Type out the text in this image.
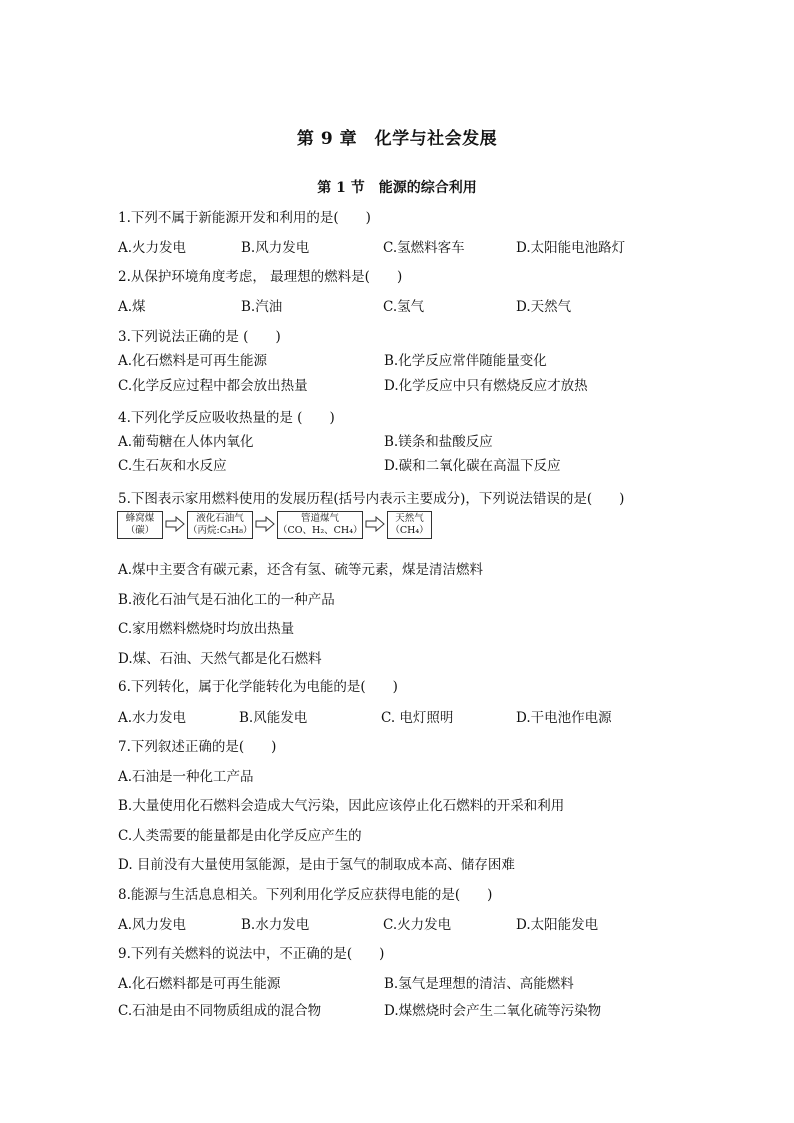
第 9 章　化学与社会发展
第 1 节　能源的综合利用
1.下列不属于新能源开发和利用的是(　　)
A.火力发电	B.风力发电	C.氢燃料客车	D.太阳能电池路灯
2.从保护环境角度考虑， 最理想的燃料是(　　)
A.煤	B.汽油	C.氢气	D.天然气
3.下列说法正确的是 (　　)
A.化石燃料是可再生能源	B.化学反应常伴随能量变化
C.化学反应过程中都会放出热量	D.化学反应中只有燃烧反应才放热
4.下列化学反应吸收热量的是 (　　)
A.葡萄糖在人体内氧化	B.镁条和盐酸反应
C.生石灰和水反应	D.碳和二氧化碳在高温下反应
5.下图表示家用燃料使用的发展历程(括号内表示主要成分)，下列说法错误的是(　　)
蜂窝煤
（碳）
液化石油气
（丙烷:C₃H₈）
管道煤气
（CO、H₂、CH₄）
天然气
（CH₄）
A.煤中主要含有碳元素，还含有氢、硫等元素，煤是清洁燃料
B.液化石油气是石油化工的一种产品
C.家用燃料燃烧时均放出热量
D.煤、石油、天然气都是化石燃料
6.下列转化，属于化学能转化为电能的是(　　)
A.水力发电	B.风能发电	C. 电灯照明	D.干电池作电源
7.下列叙述正确的是(　　)
A.石油是一种化工产品
B.大量使用化石燃料会造成大气污染，因此应该停止化石燃料的开采和利用
C.人类需要的能量都是由化学反应产生的
D. 目前没有大量使用氢能源，是由于氢气的制取成本高、储存困难
8.能源与生活息息相关。下列利用化学反应获得电能的是(　　)
A.风力发电	B.水力发电	C.火力发电	D.太阳能发电
9.下列有关燃料的说法中，不正确的是(　　)
A.化石燃料都是可再生能源	B.氢气是理想的清洁、高能燃料
C.石油是由不同物质组成的混合物	D.煤燃烧时会产生二氧化硫等污染物
